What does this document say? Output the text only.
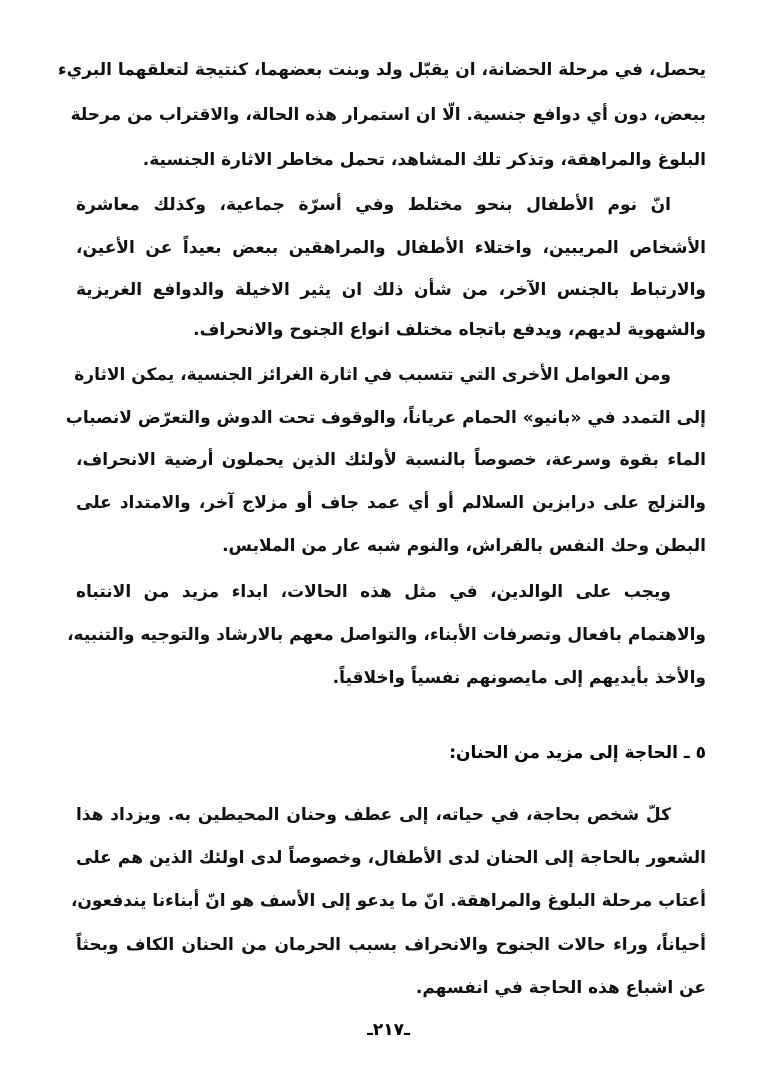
يحصل، في مرحلة الحضانة، ان يقبّل ولد وبنت بعضهما، كنتيجة لتعلقهما البريء
ببعض، دون أي دوافع جنسية. الّا ان استمرار هذه الحالة، والاقتراب من مرحلة
البلوغ والمراهقة، وتذكر تلك المشاهد، تحمل مخاطر الاثارة الجنسية.
انّ نوم الأطفال بنحو مختلط وفي أسرّة جماعية، وكذلك معاشرة
الأشخاص المريبين، واختلاء الأطفال والمراهقين ببعض بعيداً عن الأعين،
والارتباط بالجنس الآخر، من شأن ذلك ان يثير الاخيلة والدوافع الغريزية
والشهوية لديهم، ويدفع باتجاه مختلف انواع الجنوح والانحراف.
ومن العوامل الأخرى التي تتسبب في اثارة الغرائز الجنسية، يمكن الاثارة
إلى التمدد في «بانيو» الحمام عرياناً، والوقوف تحت الدوش والتعرّض لانصباب
الماء بقوة وسرعة، خصوصاً بالنسبة لأولئك الذين يحملون أرضية الانحراف،
والتزلج على درابزين السلالم أو أي عمد جاف أو مزلاج آخر، والامتداد على
البطن وحك النفس بالفراش، والنوم شبه عار من الملابس.
ويجب على الوالدين، في مثل هذه الحالات، ابداء مزيد من الانتباه
والاهتمام بافعال وتصرفات الأبناء، والتواصل معهم بالارشاد والتوجيه والتنبيه،
والأخذ بأيديهم إلى مايصونهم نفسياً واخلاقياً.
٥ ـ الحاجة إلى مزيد من الحنان:
كلّ شخص بحاجة، في حياته، إلى عطف وحنان المحيطين به. ويزداد هذا
الشعور بالحاجة إلى الحنان لدى الأطفال، وخصوصاً لدى اولئك الذين هم على
أعتاب مرحلة البلوغ والمراهقة. انّ ما يدعو إلى الأسف هو انّ أبناءنا يندفعون،
أحياناً، وراء حالات الجنوح والانحراف بسبب الحرمان من الحنان الكاف وبحثاً
عن اشباع هذه الحاجة في انفسهم.
ـ٢١٧ـ
